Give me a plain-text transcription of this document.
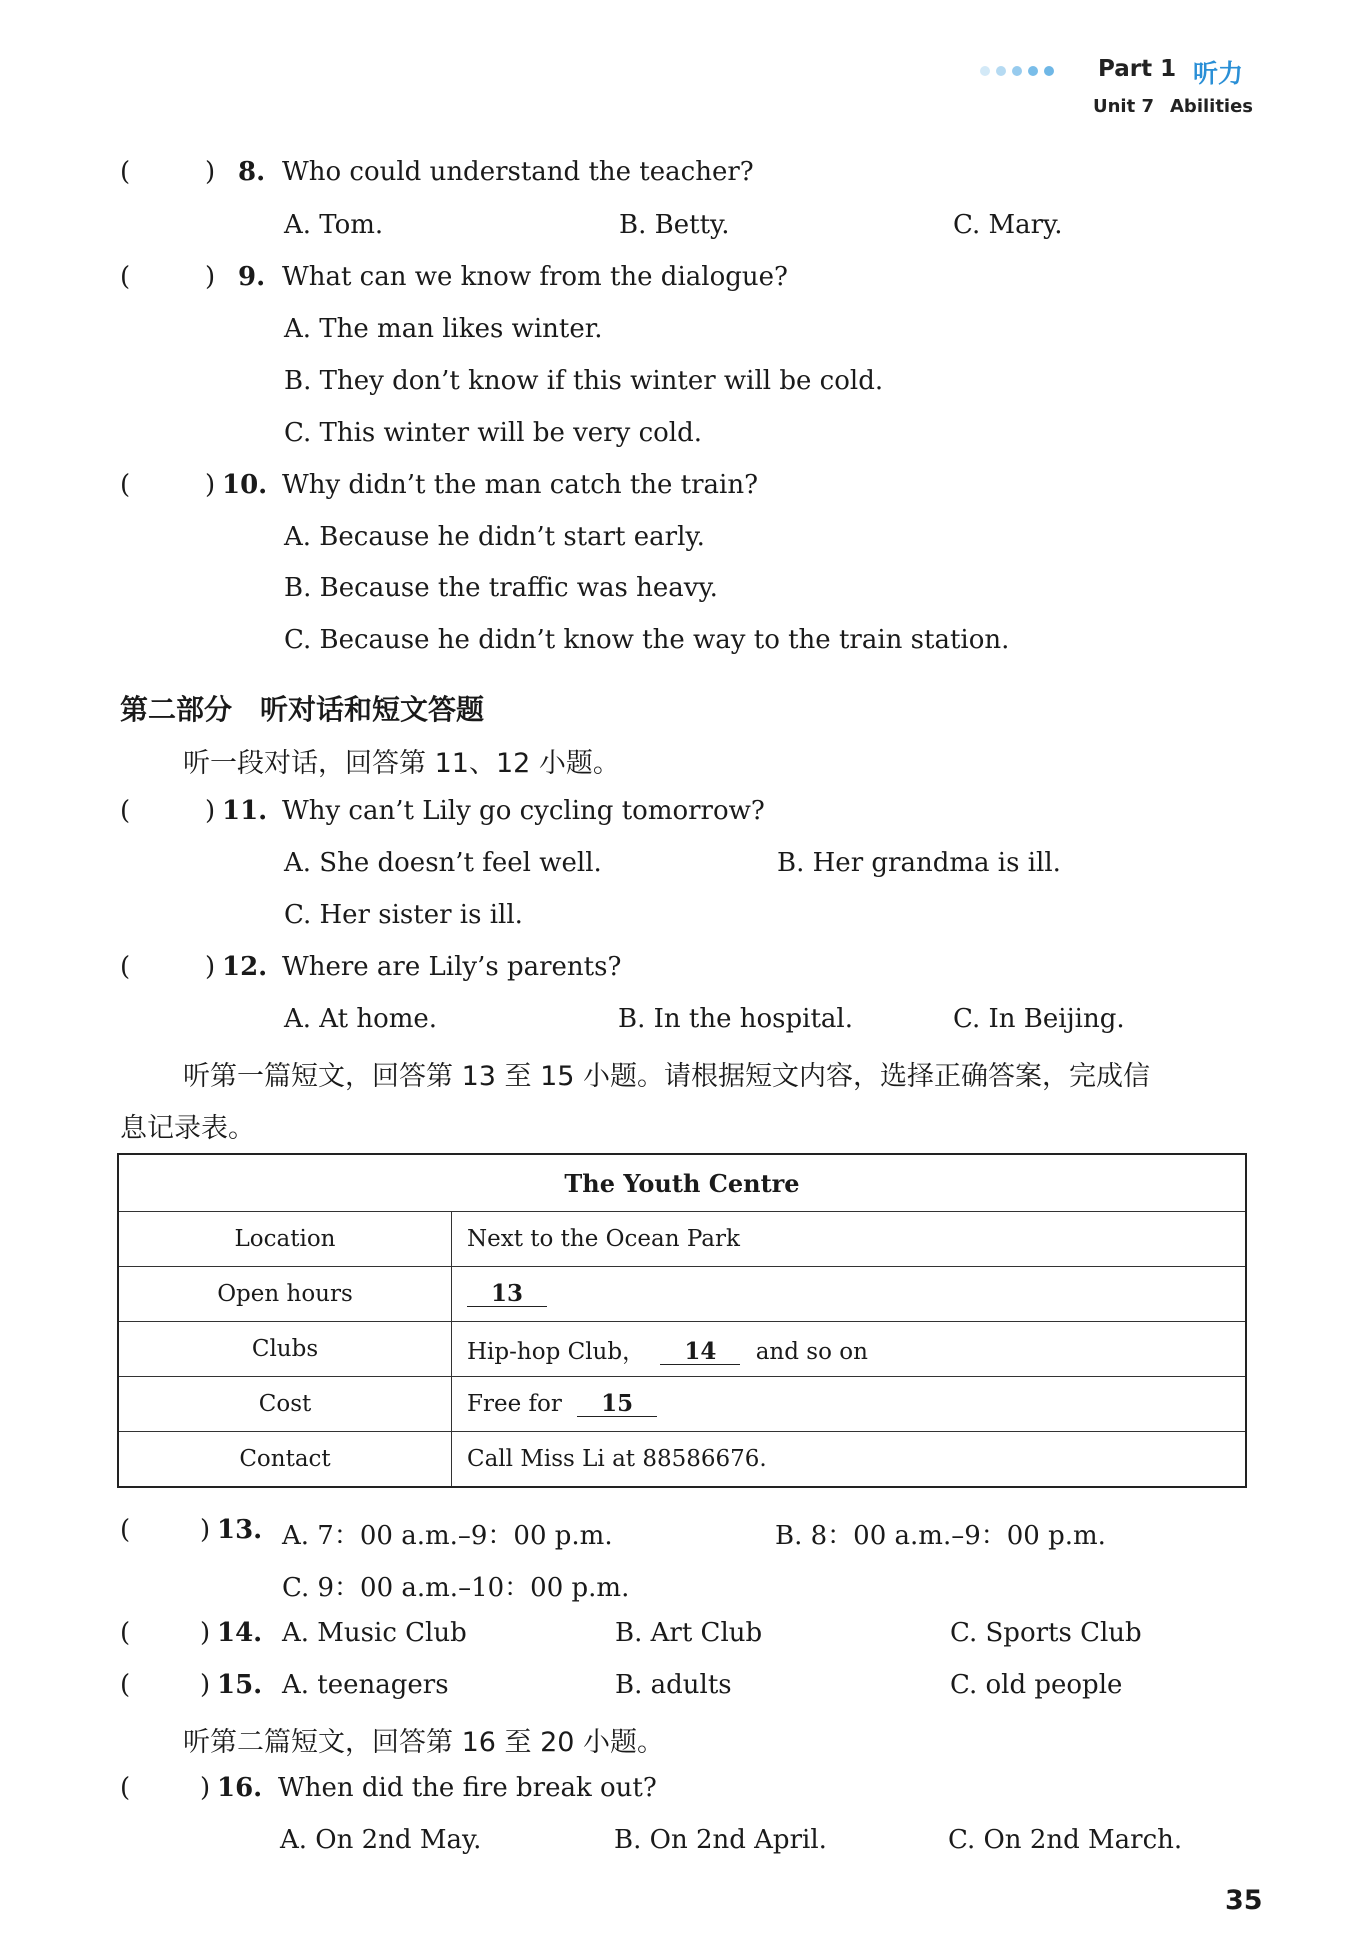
Part 1 听力
Unit 7 Abilities
(	) 8. Who could understand the teacher?
A. Tom.	B. Betty.	C. Mary.
(	) 9. What can we know from the dialogue?
A. The man likes winter.
B. They don’t know if this winter will be cold.
C. This winter will be very cold.
(	) 10. Why didn’t the man catch the train?
A. Because he didn’t start early.
B. Because the traffic was heavy.
C. Because he didn’t know the way to the train station.
第二部分　听对话和短文答题
听一段对话，回答第 11、12 小题。
(	) 11. Why can’t Lily go cycling tomorrow?
A. She doesn’t feel well.	B. Her grandma is ill.
C. Her sister is ill.
(	) 12. Where are Lily’s parents?
A. At home.	B. In the hospital.	C. In Beijing.
听第一篇短文，回答第 13 至 15 小题。请根据短文内容，选择正确答案，完成信
息记录表。
The Youth Centre	
Location	Next to the Ocean Park
Open hours	13
Clubs	Hip-hop Club， 14 and so on
Cost	Free for 15
Contact	Call Miss Li at 88586676.
(	) 13. A. 7：00 a.m.–9：00 p.m.	B. 8：00 a.m.–9：00 p.m.
C. 9：00 a.m.–10：00 p.m.
(	) 14. A. Music Club	B. Art Club	C. Sports Club
(	) 15. A. teenagers	B. adults	C. old people
听第二篇短文，回答第 16 至 20 小题。
(	) 16. When did the fire break out?
A. On 2nd May.	B. On 2nd April.	C. On 2nd March.
35
